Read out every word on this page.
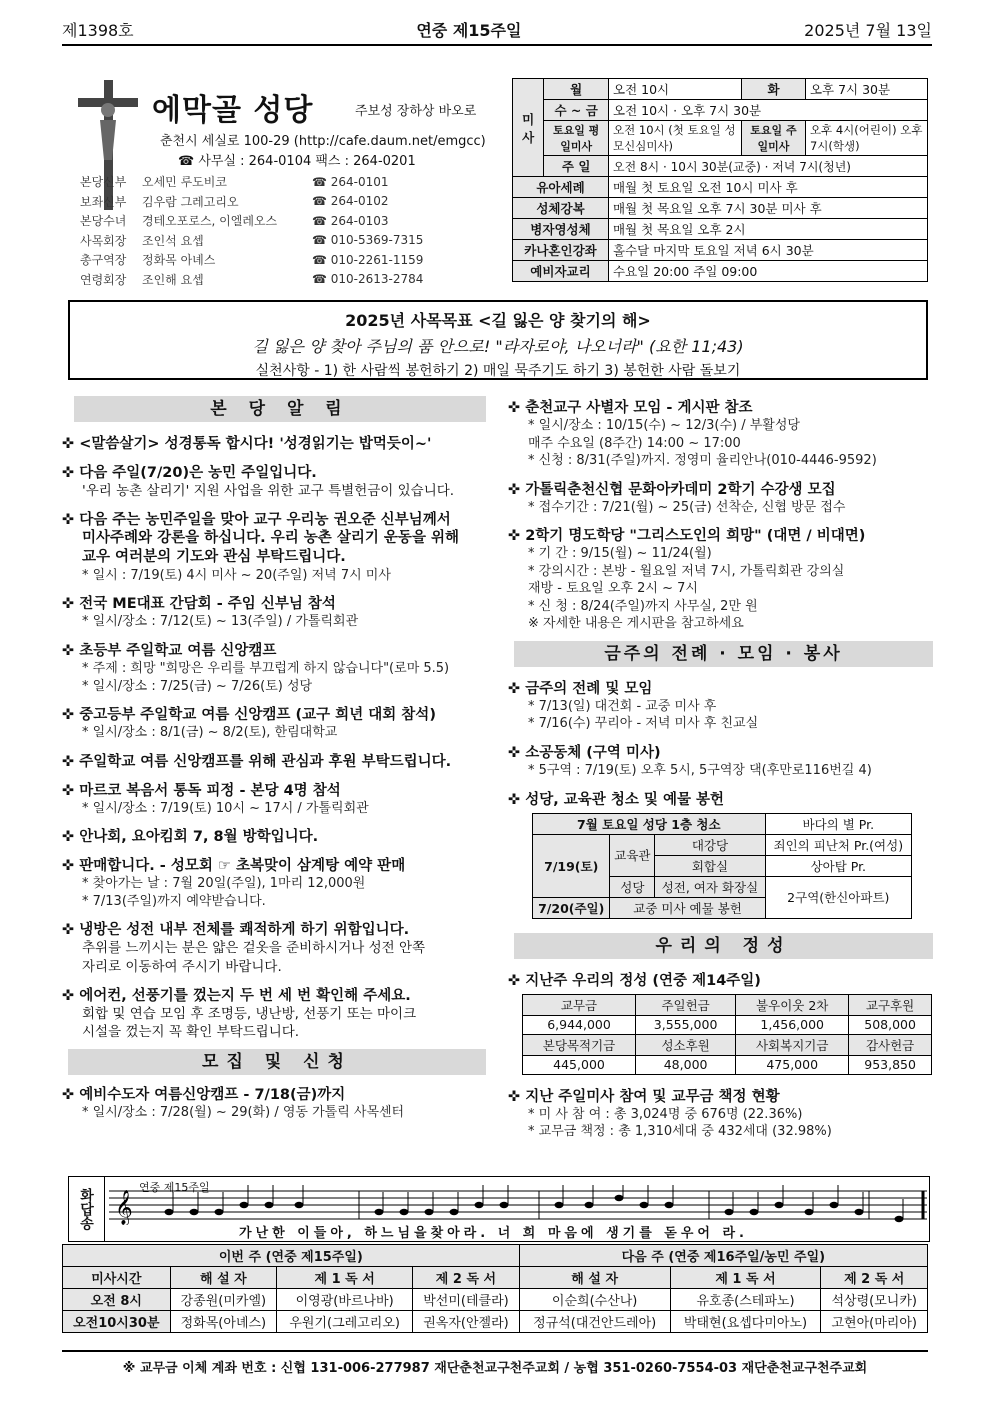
제1398호	연중 제15주일	2025년 7월 13일
에막골 성당	주보성 장하상 바오로
춘천시 세실로 100-29 (http://cafe.daum.net/emgcc)
☎ 사무실 : 264-0104 팩스 : 264-0201
본당신부	오세민 루도비코	☎ 264-0101
보좌신부	김우람 그레고리오	☎ 264-0102
본당수녀	경테오포로스, 이엘레오스	☎ 264-0103
사목회장	조인석 요셉	☎ 010-5369-7315
총구역장	정화목 아녜스	☎ 010-2261-1159
연령회장	조인해 요셉	☎ 010-2613-2784
미사	월	오전 10시	화	오후 7시 30분
	수 ~ 금	오전 10시 · 오후 7시 30분		
	토요일 평일미사	오전 10시 (첫 토요일 성모신심미사)	토요일 주일미사	오후 4시(어린이) 오후 7시(학생)
	주 일	오전 8시 · 10시 30분(교중) · 저녁 7시(청년)		
유아세례		매월 첫 토요일 오전 10시 미사 후		
성체강복		매월 첫 목요일 오후 7시 30분 미사 후		
병자영성체		매월 첫 목요일 오후 2시		
카나혼인강좌		홀수달 마지막 토요일 저녁 6시 30분		
예비자교리		수요일 20:00 주일 09:00		
2025년 사목목표 <길 잃은 양 찾기의 해>
길 잃은 양 찾아 주님의 품 안으로! "라자로야, 나오너라" (요한 11;43)
실천사항 - 1) 한 사람씩 봉헌하기 2) 매일 묵주기도 하기 3) 봉헌한 사람 돌보기
본 당 알 림
✜ <말씀살기> 성경통독 합시다! '성경읽기는 밥먹듯이~'
✜ 다음 주일(7/20)은 농민 주일입니다.
'우리 농촌 살리기' 지원 사업을 위한 교구 특별헌금이 있습니다.
✜ 다음 주는 농민주일을 맞아 교구 우리농 권오준 신부님께서
미사주례와 강론을 하십니다. 우리 농촌 살리기 운동을 위해
교우 여러분의 기도와 관심 부탁드립니다.
* 일시 : 7/19(토) 4시 미사 ~ 20(주일) 저녁 7시 미사
✜ 전국 ME대표 간담회 - 주임 신부님 참석
* 일시/장소 : 7/12(토) ~ 13(주일) / 가톨릭회관
✜ 초등부 주일학교 여름 신앙캠프
* 주제 : 희망 "희망은 우리를 부끄럽게 하지 않습니다"(로마 5.5)
* 일시/장소 : 7/25(금) ~ 7/26(토) 성당
✜ 중고등부 주일학교 여름 신앙캠프 (교구 희년 대회 참석)
* 일시/장소 : 8/1(금) ~ 8/2(토), 한림대학교
✜ 주일학교 여름 신앙캠프를 위해 관심과 후원 부탁드립니다.
✜ 마르코 복음서 통독 피정 - 본당 4명 참석
* 일시/장소 : 7/19(토) 10시 ~ 17시 / 가톨릭회관
✜ 안나회, 요아킴회 7, 8월 방학입니다.
✜ 판매합니다. - 성모회 ☞ 초복맞이 삼계탕 예약 판매
* 찾아가는 날 : 7월 20일(주일), 1마리 12,000원
* 7/13(주일)까지 예약받습니다.
✜ 냉방은 성전 내부 전체를 쾌적하게 하기 위함입니다.
추위를 느끼시는 분은 얇은 겉옷을 준비하시거나 성전 안쪽
자리로 이동하여 주시기 바랍니다.
✜ 에어컨, 선풍기를 껐는지 두 번 세 번 확인해 주세요.
회합 및 연습 모임 후 조명등, 냉난방, 선풍기 또는 마이크
시설을 껐는지 꼭 확인 부탁드립니다.
모집 및 신청
✜ 예비수도자 여름신앙캠프 - 7/18(금)까지
* 일시/장소 : 7/28(월) ~ 29(화) / 영동 가톨릭 사목센터
✜ 춘천교구 사별자 모임 - 게시판 참조
* 일시/장소 : 10/15(수) ~ 12/3(수) / 부활성당
매주 수요일 (8주간) 14:00 ~ 17:00
* 신청 : 8/31(주일)까지. 정영미 율리안나(010-4446-9592)
✜ 가톨릭춘천신협 문화아카데미 2학기 수강생 모집
* 접수기간 : 7/21(월) ~ 25(금) 선착순, 신협 방문 접수
✜ 2학기 명도학당 "그리스도인의 희망" (대면 / 비대면)
* 기 간 : 9/15(월) ~ 11/24(월)
* 강의시간 : 본방 - 월요일 저녁 7시, 가톨릭회관 강의실
재방 - 토요일 오후 2시 ~ 7시
* 신 청 : 8/24(주일)까지 사무실, 2만 원
※ 자세한 내용은 게시판을 참고하세요
금주의 전례 · 모임 · 봉사
✜ 금주의 전례 및 모임
* 7/13(일) 대건회 - 교중 미사 후
* 7/16(수) 꾸리아 - 저녁 미사 후 친교실
✜ 소공동체 (구역 미사)
* 5구역 : 7/19(토) 오후 5시, 5구역장 댁(후만로116번길 4)
✜ 성당, 교육관 청소 및 예물 봉헌
7월 토요일 성당 1층 청소			바다의 별 Pr.
7/19(토)	교육관	대강당	죄인의 피난처 Pr.(여성)
		회합실	상아탑 Pr.
	성당	성전, 여자 화장실	2구역(한신아파트)
7/20(주일)	교중 미사 예물 봉헌		
우리의 정성
✜ 지난주 우리의 정성 (연중 제14주일)
교무금	주일헌금	불우이웃 2차	교구후원
6,944,000	3,555,000	1,456,000	508,000
본당목적기금	성소후원	사회복지기금	감사헌금
445,000	48,000	475,000	953,850
✜ 지난 주일미사 참여 및 교무금 책정 현황
* 미 사 참 여 : 총 3,024명 중 676명 (22.36%)
* 교무금 책정 : 총 1,310세대 중 432세대 (32.98%)
화답송
연중 제15주일
𝄞
가난한 이들아, 하느님을찾아라. 너 희 마음에 생기를 돋우어 라.
이번 주 (연중 제15주일)				다음 주 (연중 제16주일/농민 주일)		
미사시간	해 설 자	제 1 독 서	제 2 독 서	해 설 자	제 1 독 서	제 2 독 서
오전 8시	강종원(미카엘)	이영광(바르나바)	박선미(테클라)	이순희(수산나)	유호종(스테파노)	석상령(모니카)
오전10시30분	정화목(아녜스)	우원기(그레고리오)	권옥자(안젤라)	정규석(대건안드레아)	박태현(요셉다미아노)	고현아(마리아)
※ 교무금 이체 계좌 번호 : 신협 131-006-277987 재단춘천교구천주교회 / 농협 351-0260-7554-03 재단춘천교구천주교회
